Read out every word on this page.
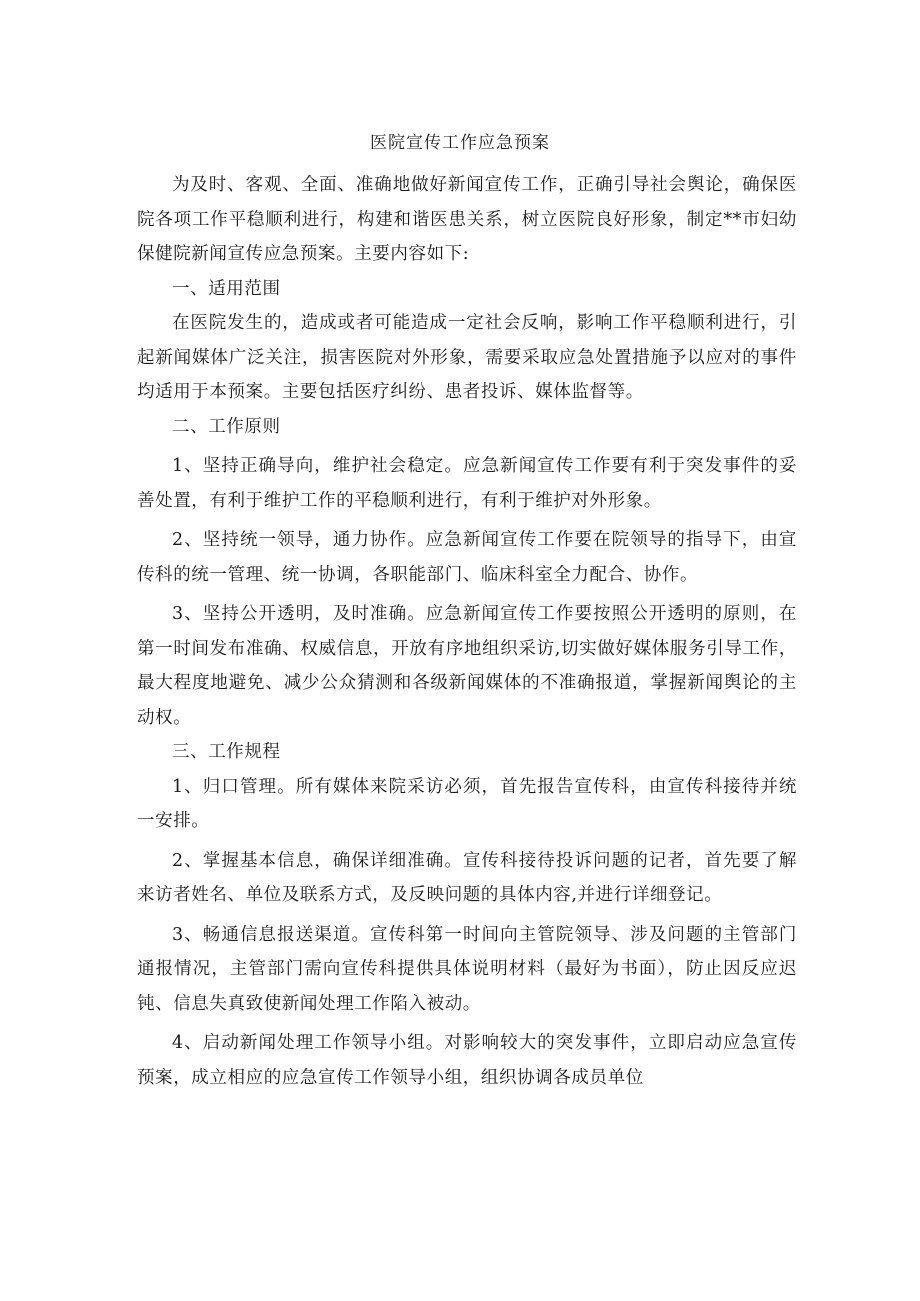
医院宣传工作应急预案

为及时、客观、全面、准确地做好新闻宣传工作，正确引导社会舆论，确保医院各项工作平稳顺利进行，构建和谐医患关系，树立医院良好形象，制定**市妇幼保健院新闻宣传应急预案。主要内容如下:

一、适用范围

在医院发生的，造成或者可能造成一定社会反响，影响工作平稳顺利进行，引起新闻媒体广泛关注，损害医院对外形象，需要采取应急处置措施予以应对的事件均适用于本预案。主要包括医疗纠纷、患者投诉、媒体监督等。

二、工作原则

1、坚持正确导向，维护社会稳定。应急新闻宣传工作要有利于突发事件的妥善处置，有利于维护工作的平稳顺利进行，有利于维护对外形象。

2、坚持统一领导，通力协作。应急新闻宣传工作要在院领导的指导下，由宣传科的统一管理、统一协调，各职能部门、临床科室全力配合、协作。

3、坚持公开透明，及时准确。应急新闻宣传工作要按照公开透明的原则，在第一时间发布准确、权威信息，开放有序地组织采访,切实做好媒体服务引导工作，最大程度地避免、减少公众猜测和各级新闻媒体的不准确报道，掌握新闻舆论的主动权。

三、工作规程

1、归口管理。所有媒体来院采访必须，首先报告宣传科，由宣传科接待并统一安排。

2、掌握基本信息，确保详细准确。宣传科接待投诉问题的记者，首先要了解来访者姓名、单位及联系方式，及反映问题的具体内容,并进行详细登记。

3、畅通信息报送渠道。宣传科第一时间向主管院领导、涉及问题的主管部门通报情况，主管部门需向宣传科提供具体说明材料（最好为书面），防止因反应迟钝、信息失真致使新闻处理工作陷入被动。

4、启动新闻处理工作领导小组。对影响较大的突发事件，立即启动应急宣传预案，成立相应的应急宣传工作领导小组，组织协调各成员单位
